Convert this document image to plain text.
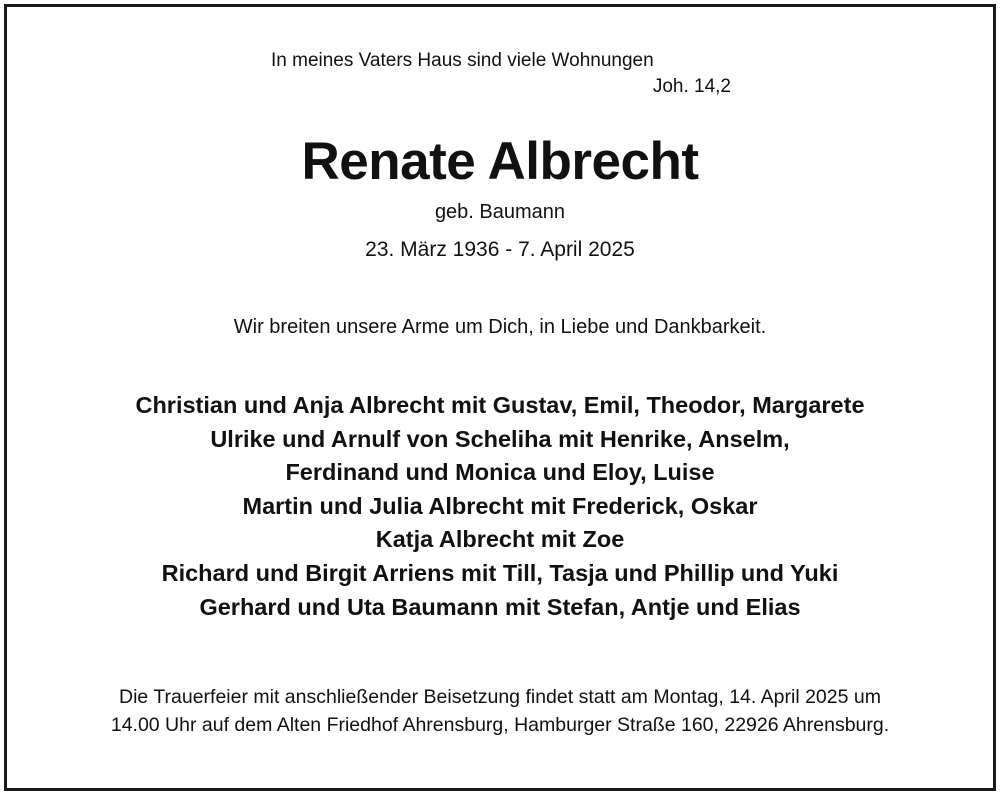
In meines Vaters Haus sind viele Wohnungen
Joh. 14,2
Renate Albrecht
geb. Baumann
23. März 1936 - 7. April 2025
Wir breiten unsere Arme um Dich, in Liebe und Dankbarkeit.
Christian und Anja Albrecht mit Gustav, Emil, Theodor, Margarete
Ulrike und Arnulf von Scheliha mit Henrike, Anselm,
Ferdinand und Monica und Eloy, Luise
Martin und Julia Albrecht mit Frederick, Oskar
Katja Albrecht mit Zoe
Richard und Birgit Arriens mit Till, Tasja und Phillip und Yuki
Gerhard und Uta Baumann mit Stefan, Antje und Elias
Die Trauerfeier mit anschließender Beisetzung findet statt am Montag, 14. April 2025 um
14.00 Uhr auf dem Alten Friedhof Ahrensburg, Hamburger Straße 160, 22926 Ahrensburg.
